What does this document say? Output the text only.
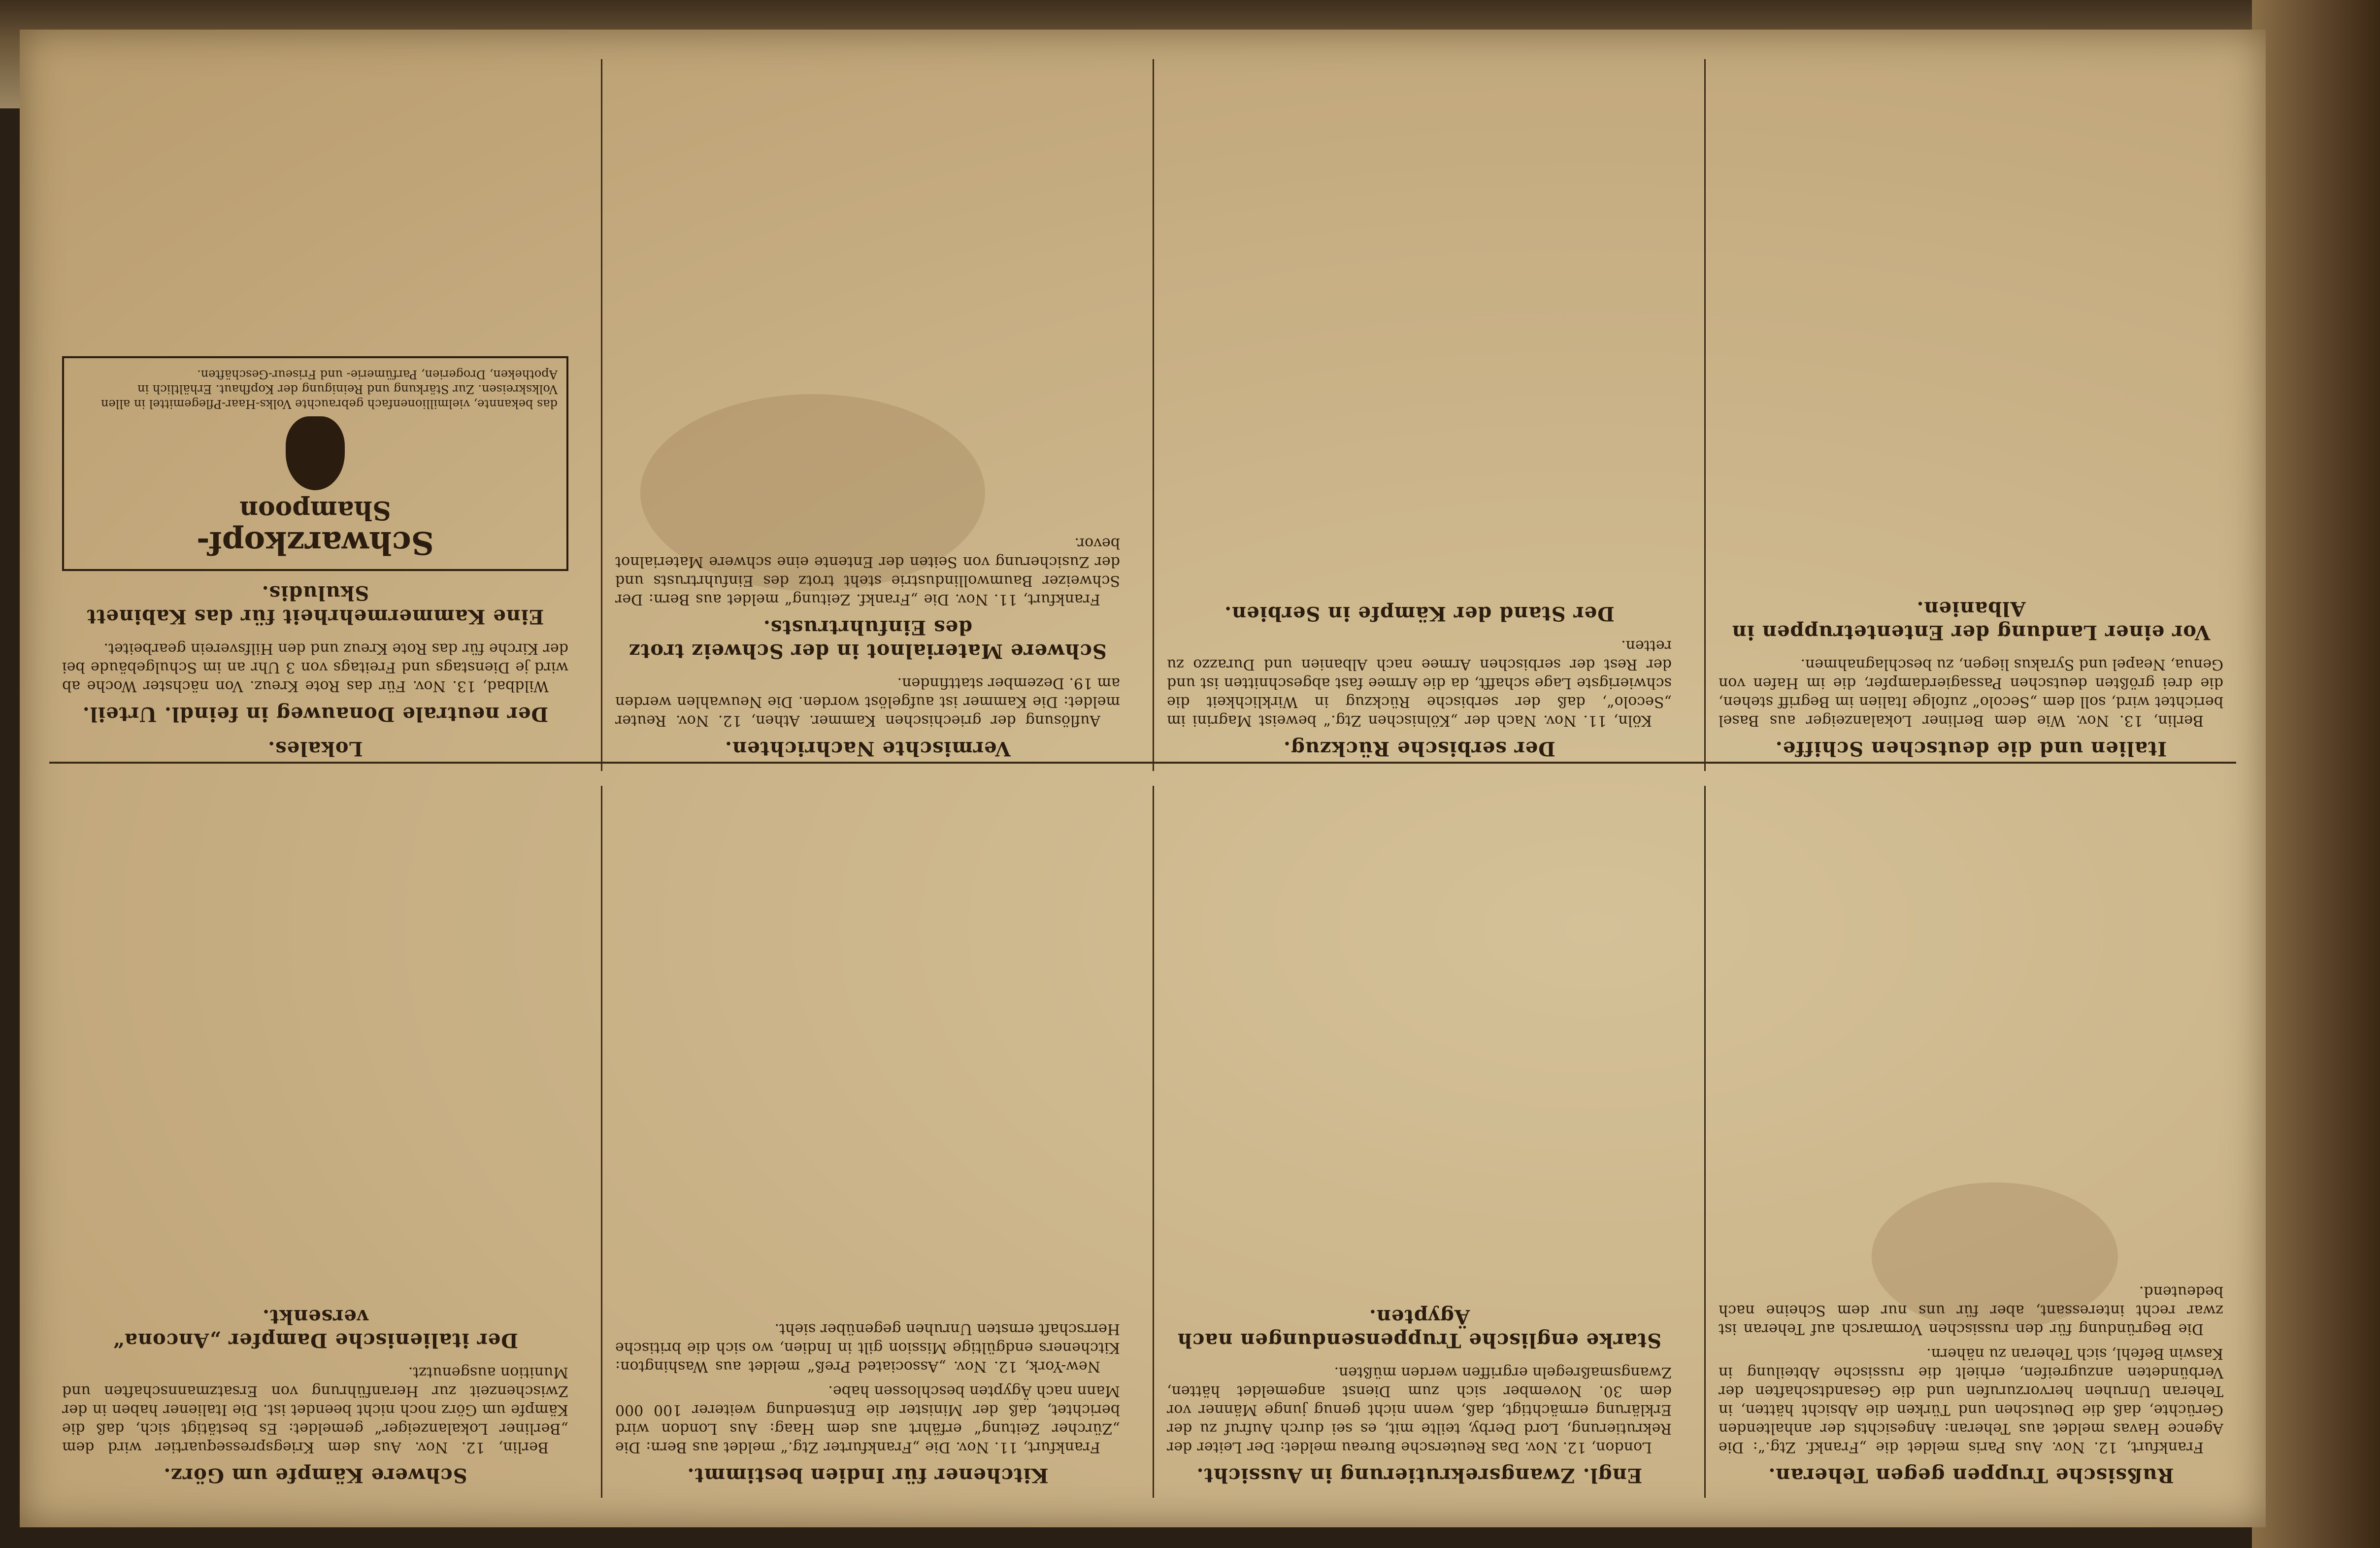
Rußsische Truppen gegen Teheran.

Frankfurt, 12. Nov. Aus Paris meldet die „Frankf. Ztg.“: Die Agence Havas meldet aus Teheran: Angesichts der anhaltenden Gerüchte, daß die Deutschen und Türken die Absicht hätten, in Teheran Unruhen hervorzurufen und die Gesandtschaften der Verbündeten anzugreifen, erhielt die russische Abteilung in Kaswin Befehl, sich Teheran zu nähern.

Die Begründung für den russischen Vormarsch auf Teheran ist zwar recht interessant, aber für uns nur dem Scheine nach bedeutend.

Engl. Zwangsrekrutierung in Aussicht.

London, 12. Nov. Das Reutersche Bureau meldet: Der Leiter der Rekrutierung, Lord Derby, teilte mit, es sei durch Aufruf zu der Erklärung ermächtigt, daß, wenn nicht genug junge Männer vor dem 30. November sich zum Dienst angemeldet hätten, Zwangsmaßregeln ergriffen werden müßten.

Starke englische Truppensendungen nach Ägypten.
Kitchener für Indien bestimmt.

Frankfurt, 11. Nov. Die „Frankfurter Ztg.“ meldet aus Bern: Die „Zürcher Zeitung“ erfährt aus dem Haag: Aus London wird berichtet, daß der Minister die Entsendung weiterer 100 000 Mann nach Ägypten beschlossen habe.

New-York, 12. Nov. „Associated Preß“ meldet aus Washington: Kitcheners endgültige Mission gilt in Indien, wo sich die britische Herrschaft ernsten Unruhen gegenüber sieht.

Schwere Kämpfe um Görz.

Berlin, 12. Nov. Aus dem Kriegspressequartier wird dem „Berliner Lokalanzeiger“ gemeldet: Es bestätigt sich, daß die Kämpfe um Görz noch nicht beendet ist. Die Italiener haben in der Zwischenzeit zur Heranführung von Ersatzmannschaften und Munition ausgenutzt.

Der italienische Dampfer „Ancona“ versenkt.
Italien und die deutschen Schiffe.

Berlin, 13. Nov. Wie dem Berliner Lokalanzeiger aus Basel berichtet wird, soll dem „Secolo“ zufolge Italien im Begriff stehen, die drei größten deutschen Passagierdampfer, die im Hafen von Genua, Neapel und Syrakus liegen, zu beschlagnahmen.

Vor einer Landung der Ententetruppen in Albanien.
Der serbische Rückzug.

Köln, 11. Nov. Nach der „Kölnischen Ztg.“ beweist Magrini im „Secolo“, daß der serbische Rückzug in Wirklichkeit die schwierigste Lage schafft, da die Armee fast abgeschnitten ist und der Rest der serbischen Armee nach Albanien und Durazzo zu retten.

Der Stand der Kämpfe in Serbien.
Vermischte Nachrichten.

Auflösung der griechischen Kammer. Athen, 12. Nov. Reuter meldet: Die Kammer ist aufgelöst worden. Die Neuwahlen werden am 19. Dezember stattfinden.

Schwere Materialnot in der Schweiz trotz des Einfuhrtrusts.

Frankfurt, 11. Nov. Die „Frankf. Zeitung“ meldet aus Bern: Der Schweizer Baumwollindustrie steht trotz des Einfuhrtrusts und der Zusicherung von Seiten der Entente eine schwere Materialnot bevor.

Lokales.
Der neutrale Donauweg in feindl. Urteil.

Wildbad, 13. Nov. Für das Rote Kreuz. Von nächster Woche ab wird je Dienstags und Freitags von 3 Uhr an im Schulgebäude bei der Kirche für das Rote Kreuz und den Hilfsverein gearbeitet.

Eine Kammermehrheit für das Kabinett Skuludis.
Schwarzkopf-
Shampoon
das bekannte, vielmillionenfach gebrauchte Volks-Haar-Pflegemittel in allen Volkskreisen. Zur Stärkung und Reinigung der Kopfhaut. Erhältlich in Apotheken, Drogerien, Parfümerie- und Friseur-Geschäften.
